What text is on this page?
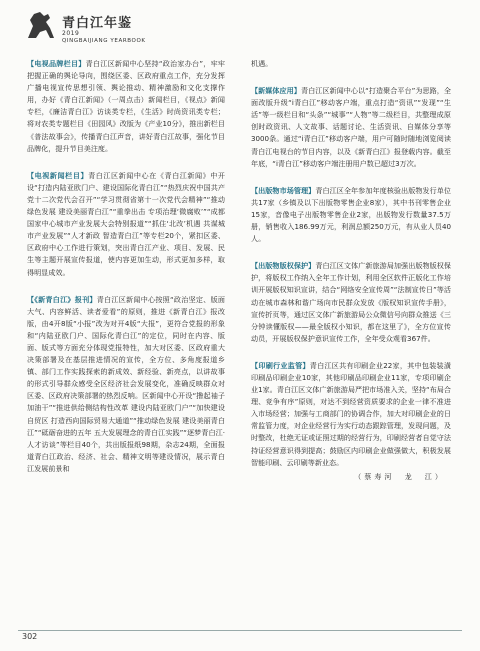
青白江年鉴
2019
QINGBAIJIANG YEARBOOK

【电视品牌栏目】青白江区新闻中心坚持“政治家办台”，牢牢把握正确的舆论导向，围绕区委、区政府重点工作，充分发挥广播电视宣传思想引领、舆论推动、精神激励和文化支撑作用，办好《青白江新闻》（一周点击）新闻栏目，《视点》新闻专栏，《廉洁青白江》访谈类专栏，《生活》时尚资讯类专栏；将对农类专题栏目《田园风》改版为《产业10分》，推出新栏目《普法故事会》，传播青白江声音，讲好青白江故事，强化节目品牌化，提升节目美注度。

【电视新闻栏目】青白江区新闻中心在《青白江新闻》中开设“打造内陆亚欧门户、建设国际化青白江”“热烈庆祝中国共产党十二次党代会召开”“学习贯彻省第十一次党代会精神”“推动绿色发展 建设美丽青白江”“重拳出击 专项治理‘微腐败’”“成都国家中心城市产业发展大会特别报道”“抓住‘北改’机遇 共谋城市产业发展”“人才新政 智造青白江”等专栏20个，紧扣区委、区政府中心工作进行策划，突出青白江产业、项目、发展、民生等主题开展宣传报道，使内容更加生动，形式更加多样，取得明显成效。

【《新青白江》报刊】青白江区新闻中心按照“政治坚定、版面大气、内容鲜活、读者爱看”的原则，推进《新青白江》报改版，由4开8版“小报”改为对开4版“大报”，更符合党报的形象和“内陆亚欧门户、国际化青白江”的定位，同时在内容、版面、版式等方面充分体现党报特性，加大对区委、区政府重大决策部署及在基层推进情况的宣传，全方位、多角度报道乡镇、部门工作实践探索的新成效、新经验、新亮点，以讲故事的形式引导群众感受全区经济社会发展变化，准确反映群众对区委、区政府决策部署的热烈反响。区新闻中心开设“撸起袖子加油干”“推进供给侧结构性改革 建设内陆亚欧门户”“加快建设自贸区 打造西向国际贸易大通道”“推动绿色发展 建设美丽青白江”“砥砺奋进的五年 五大发展理念的青白江实践”“逐梦青白江·人才访谈”等栏目40个，共出版报纸98期，杂志24期，全面报道青白江政治、经济、社会、精神文明等建设情况，展示青白江发展前景和

机遇。

【新媒体应用】青白江区新闻中心以“打造聚合平台”为思路，全面改版升级“i青白江”移动客户端，重点打造“资讯”“发现”“生活”等一级栏目和“头条”“城事”“人物”等二级栏目，共整理成原创时政资讯、人文故事、话题讨论、生活资讯、自媒体分享等3000条。通过“i青白江”移动客户端，用户可随时随地浏览阅读青白江电视台的节目内容，以及《新青白江》报登载内容。截至年底，“i青白江”移动客户端注册用户数已超过3万次。

【出版物市场管理】青白江区全年参加年度核验出版物发行单位共17家（乡镇及以下出版物零售企业8家），其中书刊零售企业15家，音像电子出版物零售企业2家，出版物发行数量37.5万册，销售收入186.99万元，利润总额250万元，有从业人员40人。

【出版物版权保护】青白江区文体广新旅游局加强出版物版权保护，将版权工作纳入全年工作计划，利用全区软件正版化工作培训开展版权知识宣讲，结合“网络安全宣传周”“法制宣传日”等活动在城市森林和谐广场向市民群众发放《版权知识宣传手册》，宣传折页等，通过区文体广新旅游局公众微信号向群众推送《三分钟读懂版权——最全版权小知识，都在这里了》，全方位宣传动员，开展版权保护意识宣传工作，全年受众观看367件。

【印刷行业监管】青白江区共有印刷企业22家，其中包装装潢印刷品印刷企业10家，其他印刷品印刷企业11家，专项印刷企业1家。青白江区文体广新旅游局严把市场准入关，坚持“布局合理、竞争有序”原则，对达不到经营资质要求的企业一律不准进入市场经营；加强与工商部门的协调合作，加大对印刷企业的日常监管力度，对企业经营行为实行动态跟踪管理，发现问题，及时整改，杜绝无证或证照过期的经营行为，印刷经营者自觉守法持证经营意识得到提高；鼓励区内印刷企业做强做大，积极发展智能印刷、云印刷等新业态。

（蔡寿河　龙　江）
302
